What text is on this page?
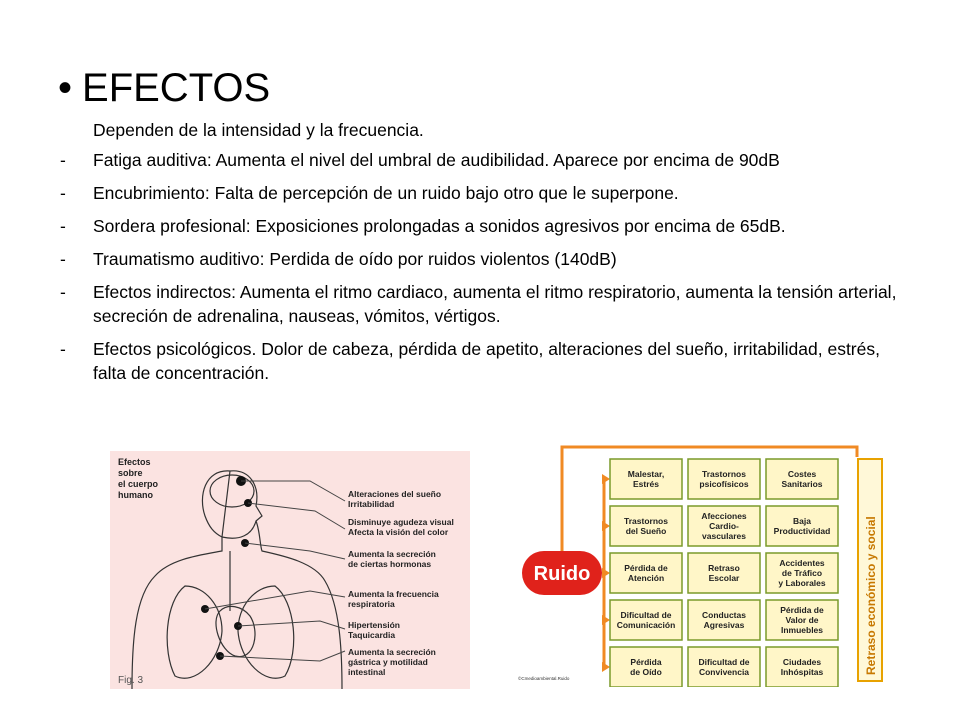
• EFECTOS
Dependen de la intensidad y la frecuencia.
- Fatiga auditiva: Aumenta el nivel del umbral de audibilidad. Aparece por encima de 90dB
- Encubrimiento: Falta de percepción de un ruido bajo otro que le superpone.
- Sordera profesional: Exposiciones prolongadas a sonidos agresivos por encima de 65dB.
- Traumatismo auditivo: Perdida de oído por ruidos violentos (140dB)
- Efectos indirectos: Aumenta el ritmo cardiaco, aumenta el ritmo respiratorio, aumenta la tensión arterial, secreción de adrenalina, nauseas, vómitos, vértigos.
- Efectos psicológicos. Dolor de cabeza, pérdida de apetito, alteraciones del sueño, irritabilidad, estrés, falta de concentración.
Efectos
sobre
el cuerpo
humano	Alteraciones del sueño
Irritabilidad
Disminuye agudeza visual
Afecta la visión del color
Aumenta la secreción
de ciertas hormonas
Aumenta la frecuencia
respiratoria
Hipertensión
Taquicardia
Aumenta la secreción
gástrica y motilidad
intestinal
Fig. 3
Ruido	Retraso económico y social
©Cmedioambiental.Ruido
Malestar,
Estrés
Trastornos
psicofísicos
Costes
Sanitarios
Trastornos
del Sueño
Afecciones
Cardio-
vasculares
Baja
Productividad
Pérdida de
Atención
Retraso
Escolar
Accidentes
de Tráfico
y Laborales
Dificultad de
Comunicación
Conductas
Agresivas
Pérdida de
Valor de
Inmuebles
Pérdida
de Oído
Dificultad de
Convivencia
Ciudades
Inhóspitas
